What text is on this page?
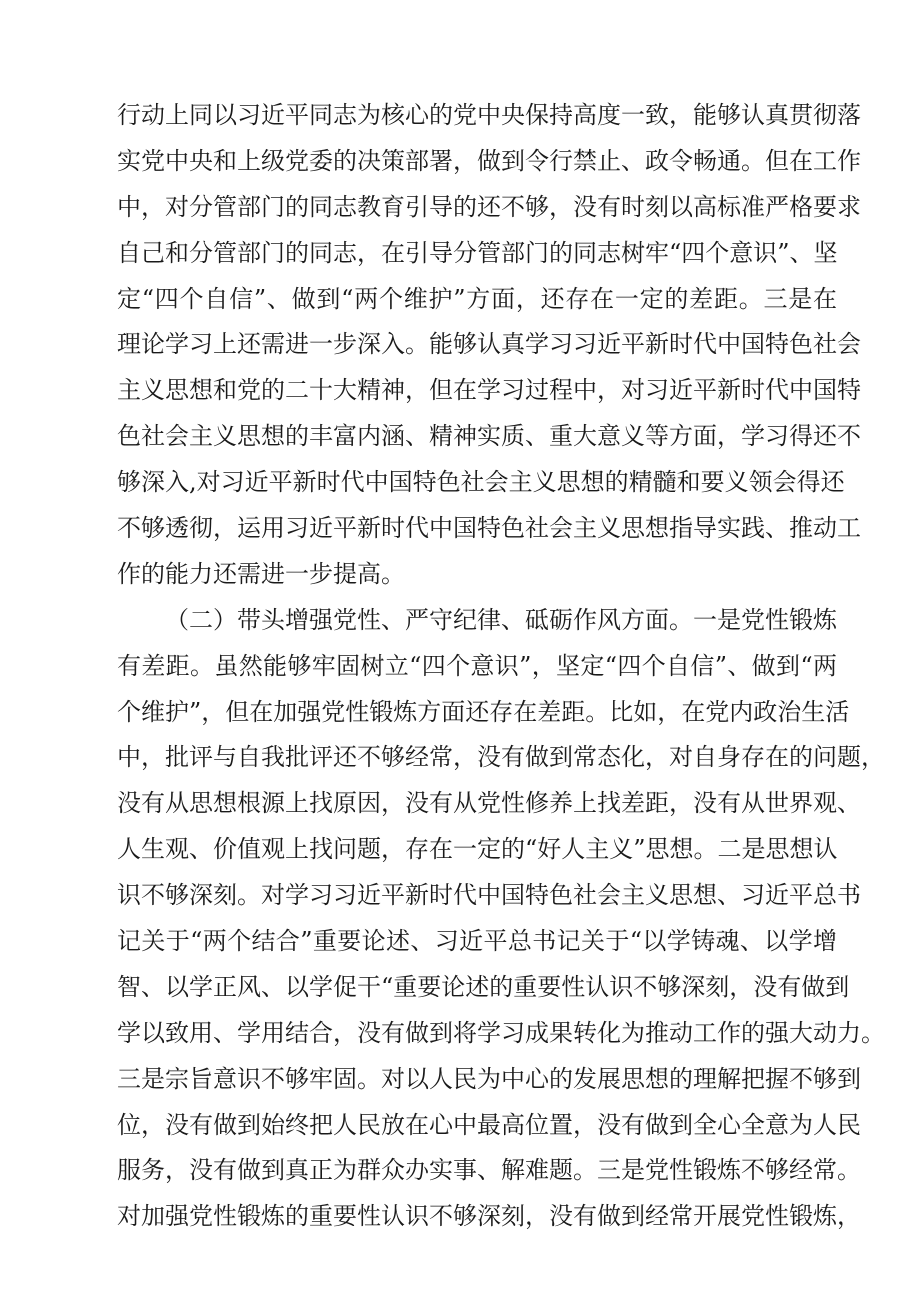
行动上同以习近平同志为核心的党中央保持高度一致，能够认真贯彻落
实党中央和上级党委的决策部署，做到令行禁止、政令畅通。但在工作
中，对分管部门的同志教育引导的还不够，没有时刻以高标准严格要求
自己和分管部门的同志，在引导分管部门的同志树牢“四个意识”、坚
定“四个自信”、做到“两个维护”方面，还存在一定的差距。三是在
理论学习上还需进一步深入。能够认真学习习近平新时代中国特色社会
主义思想和党的二十大精神，但在学习过程中，对习近平新时代中国特
色社会主义思想的丰富内涵、精神实质、重大意义等方面，学习得还不
够深入,对习近平新时代中国特色社会主义思想的精髓和要义领会得还
不够透彻，运用习近平新时代中国特色社会主义思想指导实践、推动工
作的能力还需进一步提高。
（二）带头增强党性、严守纪律、砥砺作风方面。一是党性锻炼
有差距。虽然能够牢固树立“四个意识”，坚定“四个自信”、做到“两
个维护”，但在加强党性锻炼方面还存在差距。比如，在党内政治生活
中，批评与自我批评还不够经常，没有做到常态化，对自身存在的问题，
没有从思想根源上找原因，没有从党性修养上找差距，没有从世界观、
人生观、价值观上找问题，存在一定的“好人主义”思想。二是思想认
识不够深刻。对学习习近平新时代中国特色社会主义思想、习近平总书
记关于“两个结合”重要论述、习近平总书记关于“以学铸魂、以学增
智、以学正风、以学促干“重要论述的重要性认识不够深刻，没有做到
学以致用、学用结合，没有做到将学习成果转化为推动工作的强大动力。
三是宗旨意识不够牢固。对以人民为中心的发展思想的理解把握不够到
位，没有做到始终把人民放在心中最高位置，没有做到全心全意为人民
服务，没有做到真正为群众办实事、解难题。三是党性锻炼不够经常。
对加强党性锻炼的重要性认识不够深刻，没有做到经常开展党性锻炼，
